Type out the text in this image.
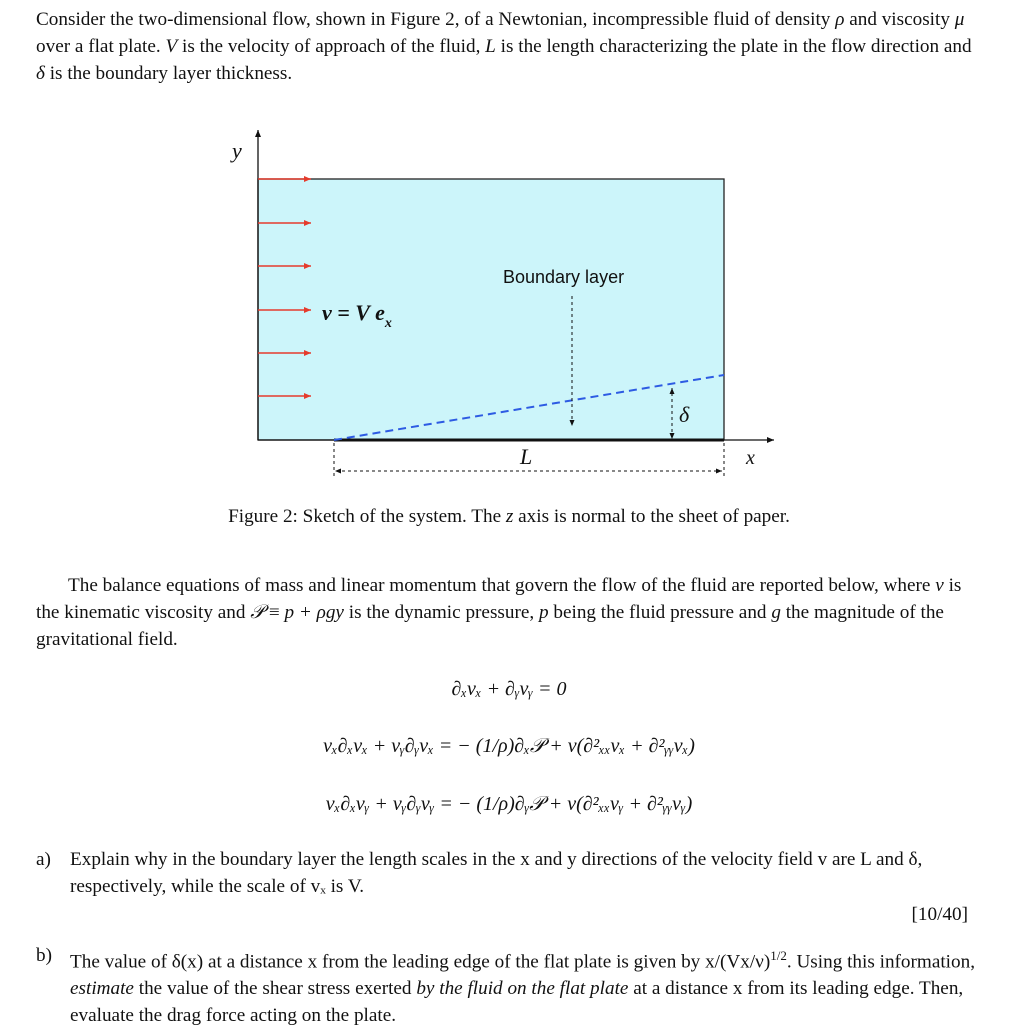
Consider the two-dimensional flow, shown in Figure 2, of a Newtonian, incompressible fluid of density ρ and viscosity μ over a flat plate. V is the velocity of approach of the fluid, L is the length characterizing the plate in the flow direction and δ is the boundary layer thickness.

y
x
v = V $e_x$
Boundary layer
δ
L
Figure 2: Sketch of the system. The z axis is normal to the sheet of paper.

The balance equations of mass and linear momentum that govern the flow of the fluid are reported below, where ν is the kinematic viscosity and 𝒫 ≡ p + ρgy is the dynamic pressure, p being the fluid pressure and g the magnitude of the gravitational field.

∂ₓvₓ + ∂ᵧvᵧ = 0
vₓ∂ₓvₓ + vᵧ∂ᵧvₓ = − (1/ρ)∂ₓ𝒫 + ν(∂²ₓₓvₓ + ∂²ᵧᵧvₓ)
vₓ∂ₓvᵧ + vᵧ∂ᵧvᵧ = − (1/ρ)∂ᵧ𝒫 + ν(∂²ₓₓvᵧ + ∂²ᵧᵧvᵧ)
a) Explain why in the boundary layer the length scales in the x and y directions of the velocity field v are L and δ, respectively, while the scale of vₓ is V.
[10/40]
b) The value of δ(x) at a distance x from the leading edge of the flat plate is given by $x/(Vx/\nu)^{1/2}$. Using this information, estimate the value of the shear stress exerted by the fluid on the flat plate at a distance x from its leading edge. Then, evaluate the drag force acting on the plate.
